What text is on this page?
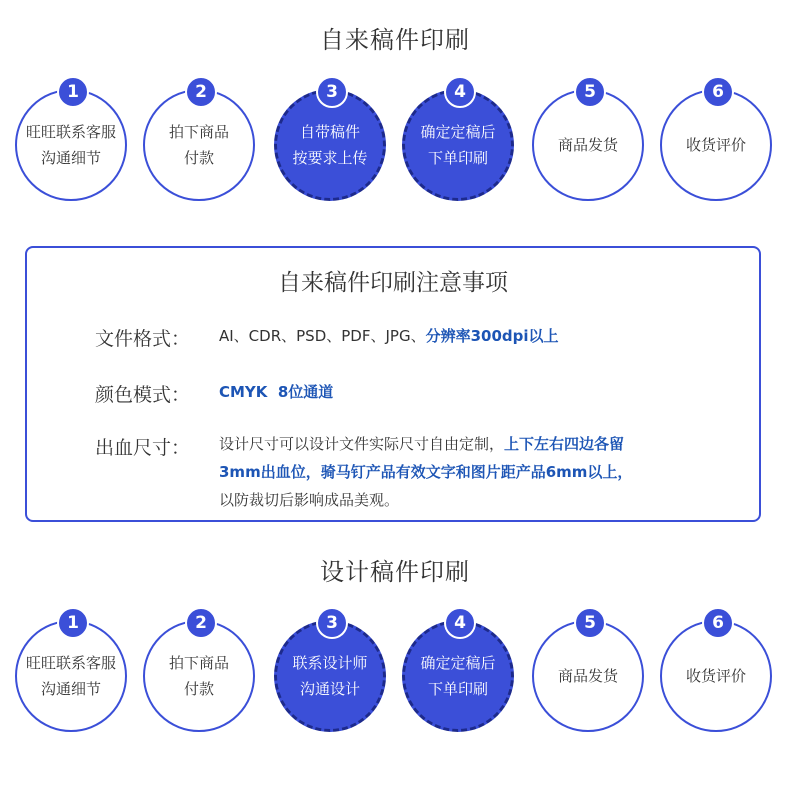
自来稿件印刷
旺旺联系客服
沟通细节
1
拍下商品
付款
2
自带稿件
按要求上传
3
确定定稿后
下单印刷
4
商品发货
5
收货评价
6
自来稿件印刷注意事项
文件格式： AI、CDR、PSD、PDF、JPG、分辨率300dpi以上
颜色模式： CMYK  8位通道
出血尺寸： 设计尺寸可以设计文件实际尺寸自由定制，上下左右四边各留
3mm出血位，骑马钉产品有效文字和图片距产品6mm以上，
以防裁切后影响成品美观。
设计稿件印刷
旺旺联系客服
沟通细节
1
拍下商品
付款
2
联系设计师
沟通设计
3
确定定稿后
下单印刷
4
商品发货
5
收货评价
6
